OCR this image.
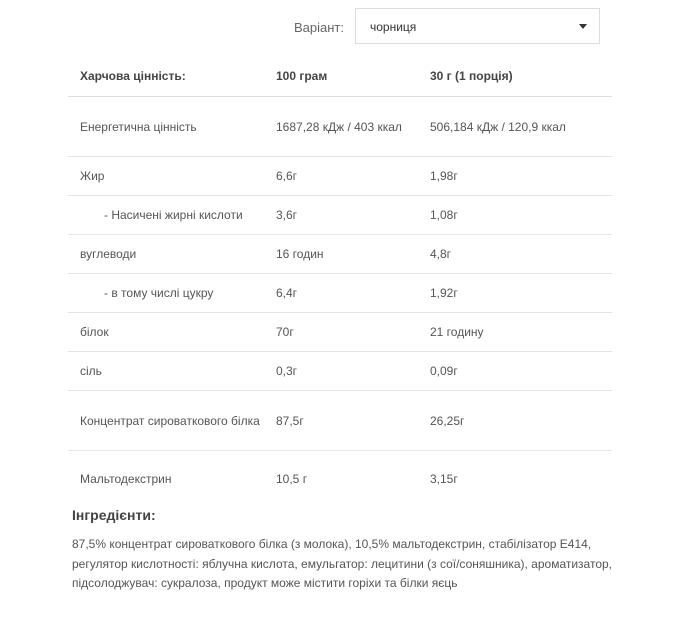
Варіант: чорниця
Харчова цінність:	100 грам	30 г (1 порція)
Енергетична цінність	1687,28 кДж / 403 ккал	506,184 кДж / 120,9 ккал
Жир	6,6г	1,98г
- Насичені жирні кислоти	3,6г	1,08г
вуглеводи	16 годин	4,8г
- в тому числі цукру	6,4г	1,92г
білок	70г	21 годину
сіль	0,3г	0,09г
Концентрат сироваткового білка	87,5г	26,25г
Мальтодекстрин	10,5 г	3,15г
Інгредієнти:
87,5% концентрат сироваткового білка (з молока), 10,5% мальтодекстрин, стабілізатор Е414, регулятор кислотності: яблучна кислота, емульгатор: лецитини (з сої/соняшника), ароматизатор, підсолоджувач: сукралоза, продукт може містити горіхи та білки яєць
